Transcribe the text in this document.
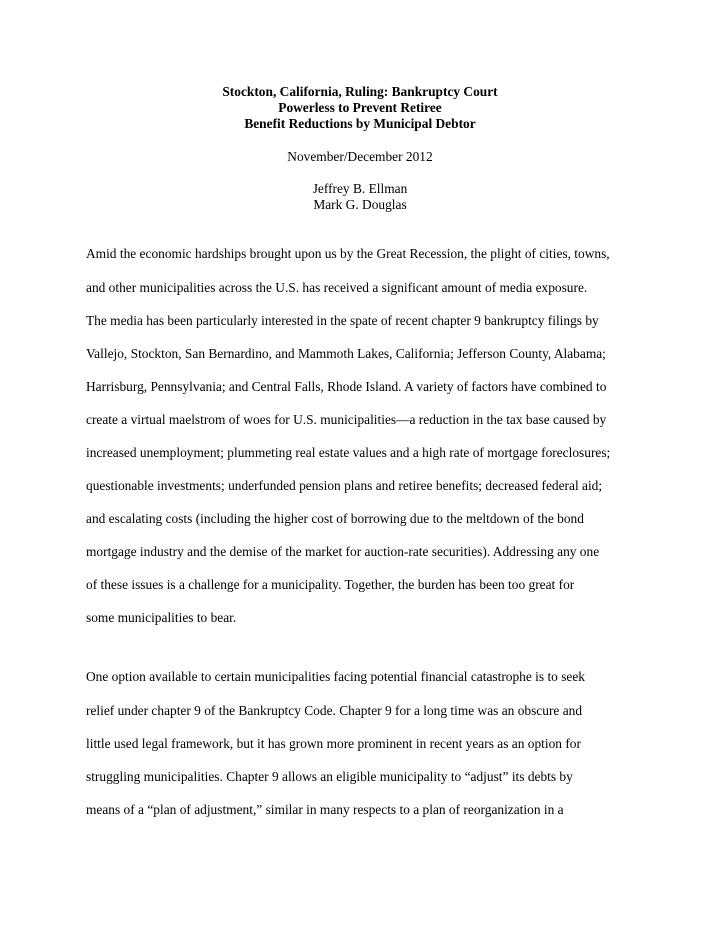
Stockton, California, Ruling: Bankruptcy Court
Powerless to Prevent Retiree
Benefit Reductions by Municipal Debtor
November/December 2012
Jeffrey B. Ellman
Mark G. Douglas
Amid the economic hardships brought upon us by the Great Recession, the plight of cities, towns,
and other municipalities across the U.S. has received a significant amount of media exposure.
The media has been particularly interested in the spate of recent chapter 9 bankruptcy filings by
Vallejo, Stockton, San Bernardino, and Mammoth Lakes, California; Jefferson County, Alabama;
Harrisburg, Pennsylvania; and Central Falls, Rhode Island. A variety of factors have combined to
create a virtual maelstrom of woes for U.S. municipalities—a reduction in the tax base caused by
increased unemployment; plummeting real estate values and a high rate of mortgage foreclosures;
questionable investments; underfunded pension plans and retiree benefits; decreased federal aid;
and escalating costs (including the higher cost of borrowing due to the meltdown of the bond
mortgage industry and the demise of the market for auction-rate securities). Addressing any one
of these issues is a challenge for a municipality. Together, the burden has been too great for
some municipalities to bear.
One option available to certain municipalities facing potential financial catastrophe is to seek
relief under chapter 9 of the Bankruptcy Code. Chapter 9 for a long time was an obscure and
little used legal framework, but it has grown more prominent in recent years as an option for
struggling municipalities. Chapter 9 allows an eligible municipality to “adjust” its debts by
means of a “plan of adjustment,” similar in many respects to a plan of reorganization in a
